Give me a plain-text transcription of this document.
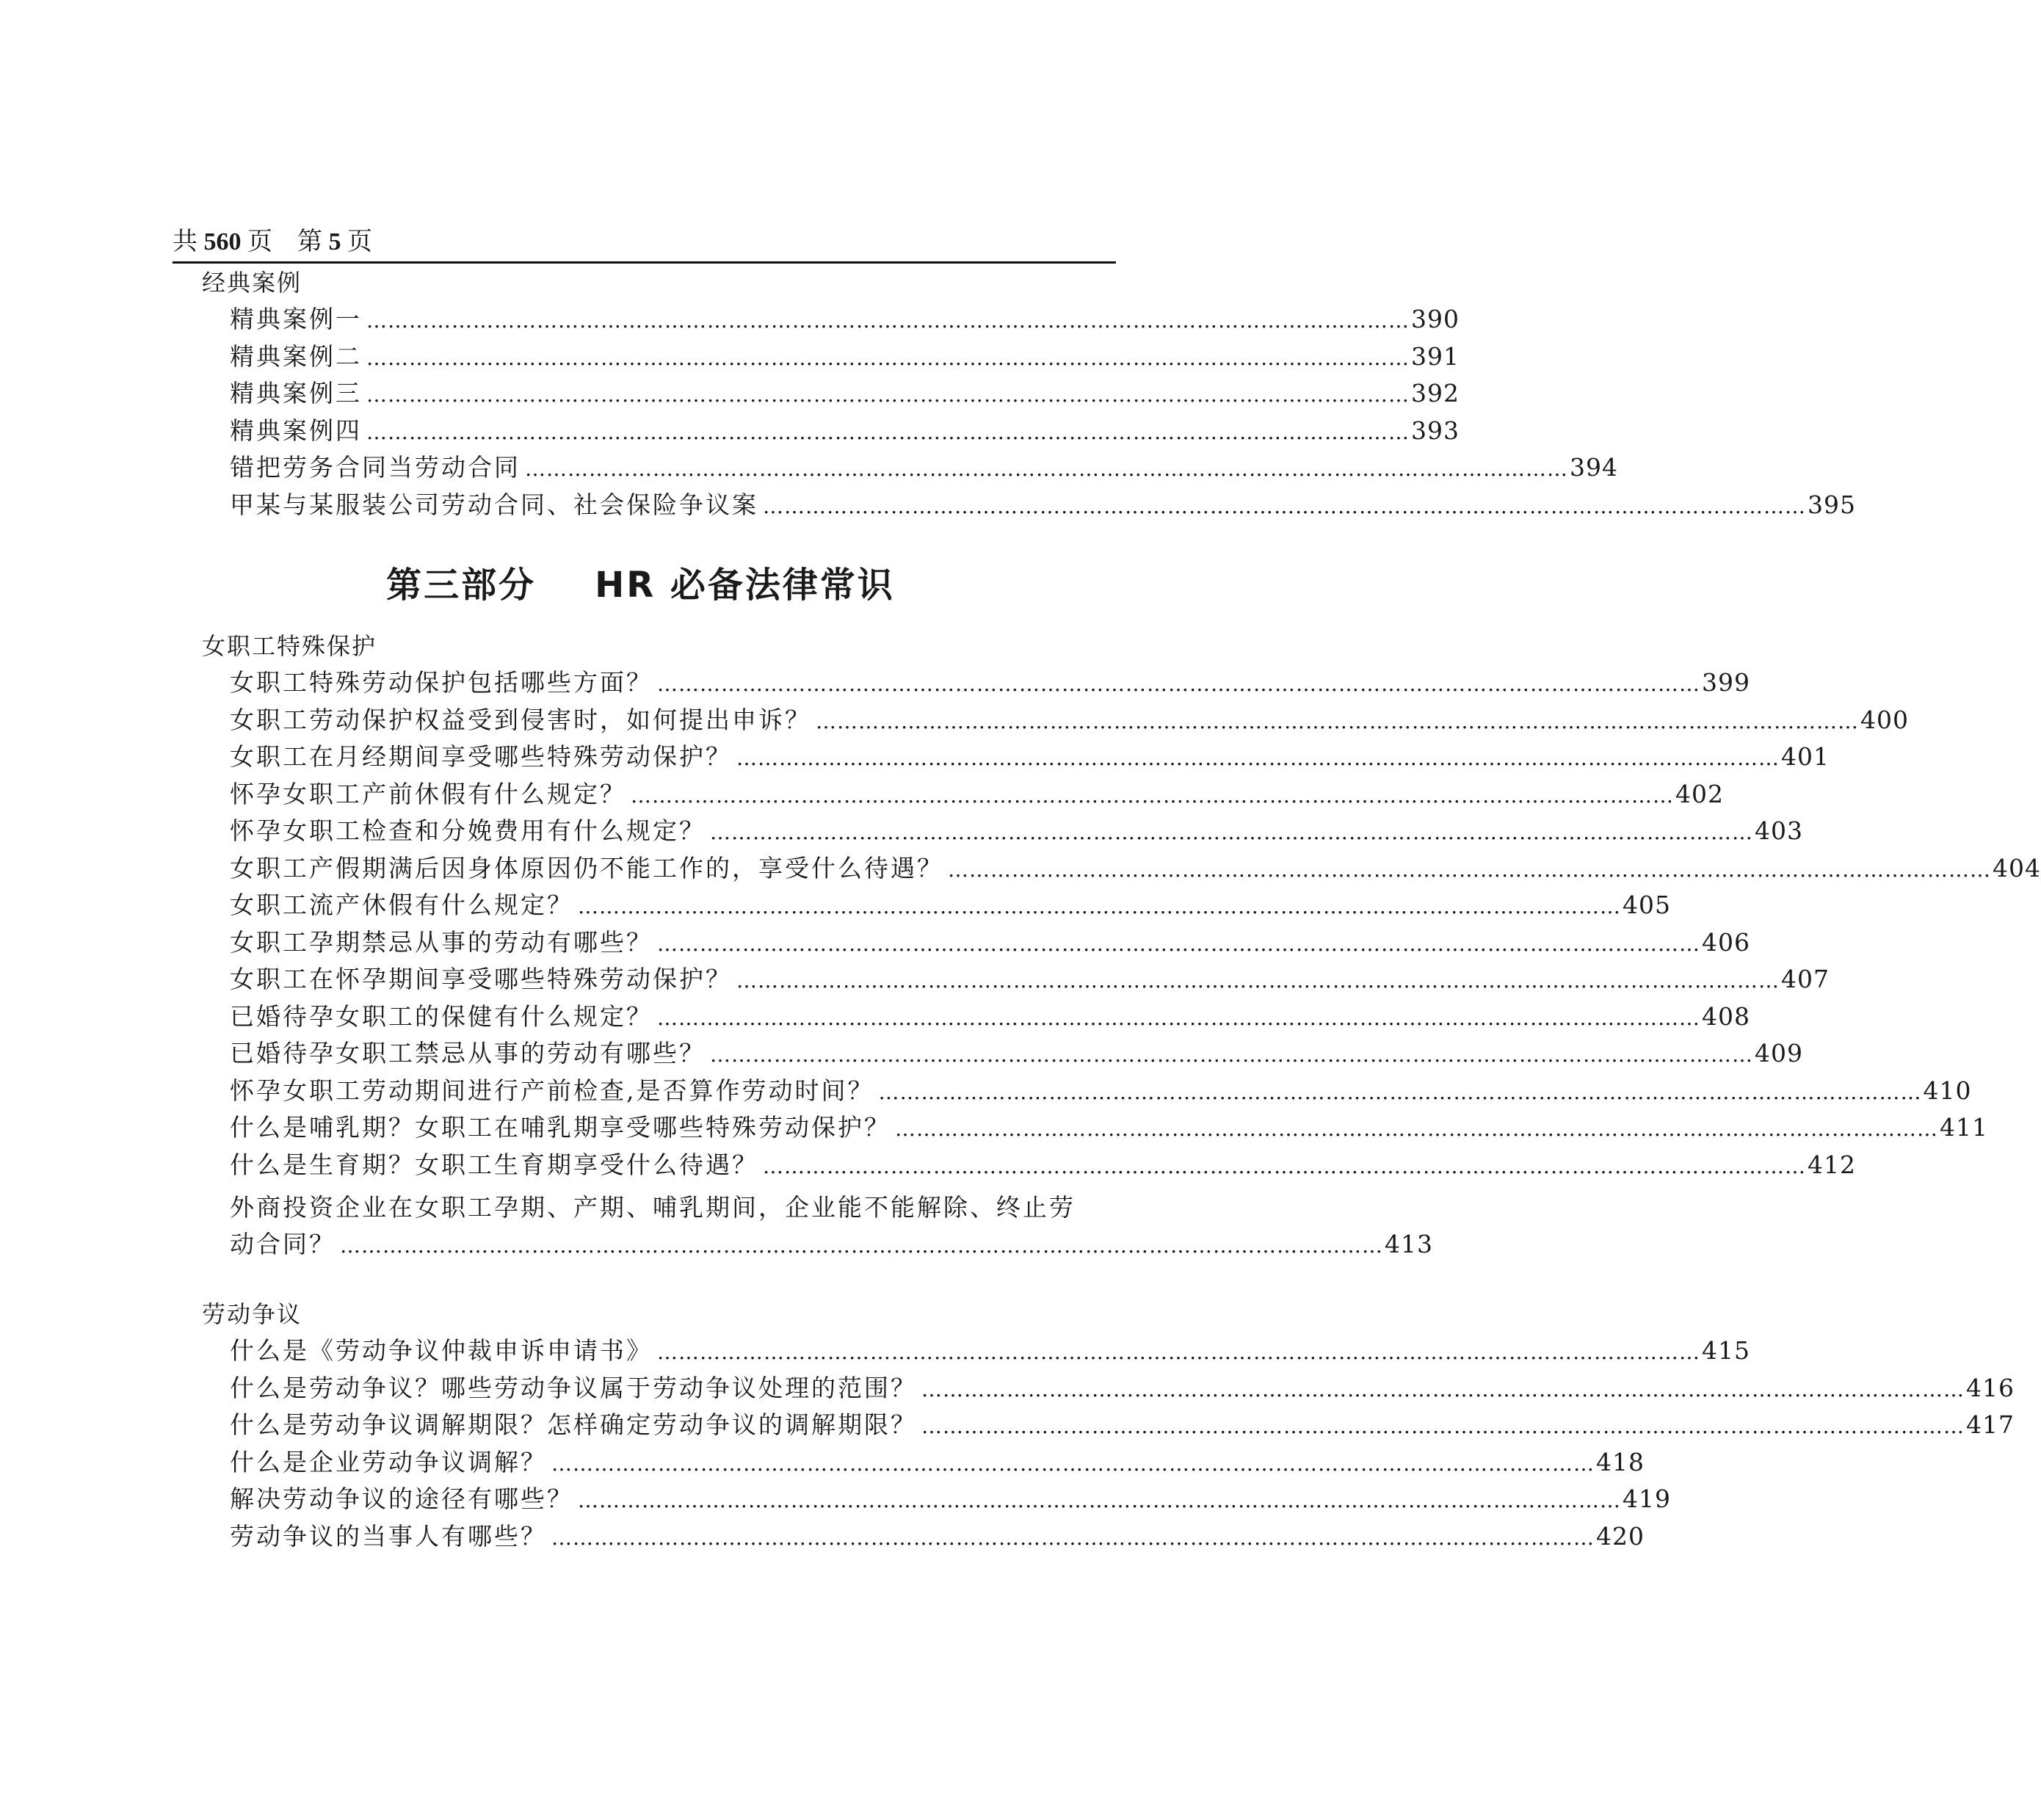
共 560 页 第 5 页
经典案例
第三部分 HR 必备法律常识
女职工特殊保护
劳动争议
精典案例一 ………………………………………………………………………………………………………………………………… 390
精典案例二 ………………………………………………………………………………………………………………………………… 391
精典案例三 ………………………………………………………………………………………………………………………………… 392
精典案例四 ………………………………………………………………………………………………………………………………… 393
错把劳务合同当劳动合同 ………………………………………………………………………………………………………………………………… 394
甲某与某服装公司劳动合同、社会保险争议案 ………………………………………………………………………………………………………………………………… 395
女职工特殊劳动保护包括哪些方面？ ………………………………………………………………………………………………………………………………… 399
女职工劳动保护权益受到侵害时，如何提出申诉？ ………………………………………………………………………………………………………………………………… 400
女职工在月经期间享受哪些特殊劳动保护？ ………………………………………………………………………………………………………………………………… 401
怀孕女职工产前休假有什么规定？ ………………………………………………………………………………………………………………………………… 402
怀孕女职工检查和分娩费用有什么规定？ ………………………………………………………………………………………………………………………………… 403
女职工产假期满后因身体原因仍不能工作的，享受什么待遇？ ………………………………………………………………………………………………………………………………… 404
女职工流产休假有什么规定？ ………………………………………………………………………………………………………………………………… 405
女职工孕期禁忌从事的劳动有哪些？ ………………………………………………………………………………………………………………………………… 406
女职工在怀孕期间享受哪些特殊劳动保护？ ………………………………………………………………………………………………………………………………… 407
已婚待孕女职工的保健有什么规定？ ………………………………………………………………………………………………………………………………… 408
已婚待孕女职工禁忌从事的劳动有哪些？ ………………………………………………………………………………………………………………………………… 409
怀孕女职工劳动期间进行产前检查,是否算作劳动时间？ ………………………………………………………………………………………………………………………………… 410
什么是哺乳期？女职工在哺乳期享受哪些特殊劳动保护？ ………………………………………………………………………………………………………………………………… 411
什么是生育期？女职工生育期享受什么待遇？ ………………………………………………………………………………………………………………………………… 412
什么是《劳动争议仲裁申诉申请书》 ………………………………………………………………………………………………………………………………… 415
什么是劳动争议？哪些劳动争议属于劳动争议处理的范围？ ………………………………………………………………………………………………………………………………… 416
什么是劳动争议调解期限？怎样确定劳动争议的调解期限？ ………………………………………………………………………………………………………………………………… 417
什么是企业劳动争议调解？ ………………………………………………………………………………………………………………………………… 418
解决劳动争议的途径有哪些？ ………………………………………………………………………………………………………………………………… 419
劳动争议的当事人有哪些？ ………………………………………………………………………………………………………………………………… 420
外商投资企业在女职工孕期、产期、哺乳期间，企业能不能解除、终止劳
动合同？ ………………………………………………………………………………………………………………………………… 413
